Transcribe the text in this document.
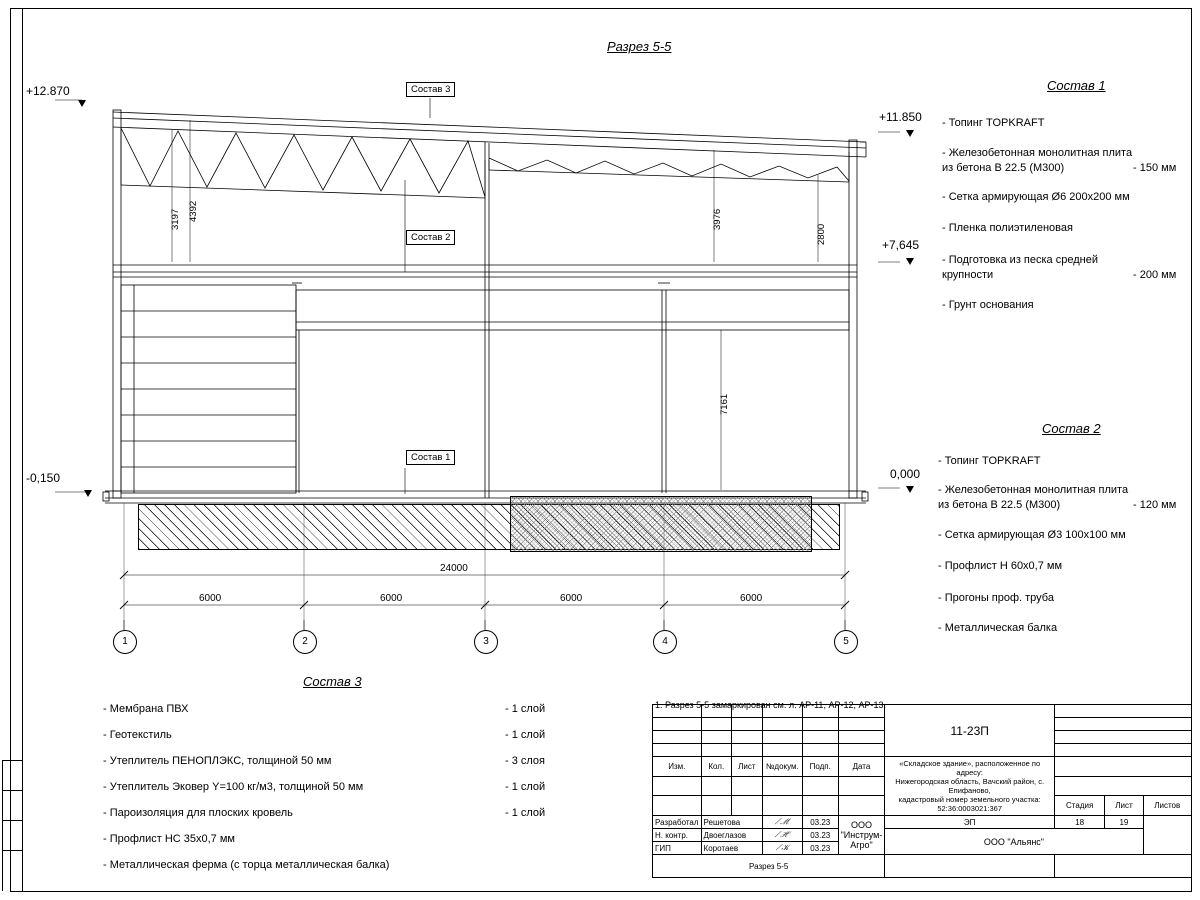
Разрез 5-5
+12.870
+11.850
+7,645
-0,150	0,000
Состав 3
Состав 2
Состав 1
3197 4392	3976
2800
7161
24000
6000	6000	6000	6000
1	2	3	4	5
Состав 1
- Топинг TOPKRAFT
- Железобетонная монолитная плита
из бетона В 22.5 (М300)	- 150 мм
- Сетка армирующая Ø6 200х200 мм
- Пленка полиэтиленовая
- Подготовка из песка средней
крупности	- 200 мм
- Грунт основания
Состав 2
- Топинг TOPKRAFT
- Железобетонная монолитная плита
из бетона В 22.5 (М300)	- 120 мм
- Сетка армирующая Ø3 100х100 мм
- Профлист Н 60х0,7 мм
- Прогоны проф. труба
- Металлическая балка
Состав 3
- Мембрана ПВХ	- 1 слой
- Геотекстиль	- 1 слой
- Утеплитель ПЕНОПЛЭКС, толщиной 50 мм	- 3 слоя
- Утеплитель Эковер Y=100 кг/м3, толщиной 50 мм	- 1 слой
- Пароизоляция для плоских кровель	- 1 слой
- Профлист НС 35х0,7 мм
- Металлическая ферма (с торца металлическая балка)
1. Разрез 5-5 замаркирован см. л. АР-11, АР-12, АР-13.
						11-23П			

Изм.	Кол.	Лист	№докум.	Подп.	Дата	«Складское здание», расположенное по адресу:
Нижегородская область, Вачский район, с. Епифаново,
кадастровый номер земельного участка: 52:36:0003021:367			

							Стадия	Лист	Листов
Разработал	Решетова		⟋ℳ	03.23	ООО "Инструм-Агро"	ЭП	18	19	
Н. контр.	Двоеглазов		⟋ℋ	03.23		ООО "Альянс"			
ГИП	Коротаев		⟋𝒦	03.23					
Разрез 5-5									
